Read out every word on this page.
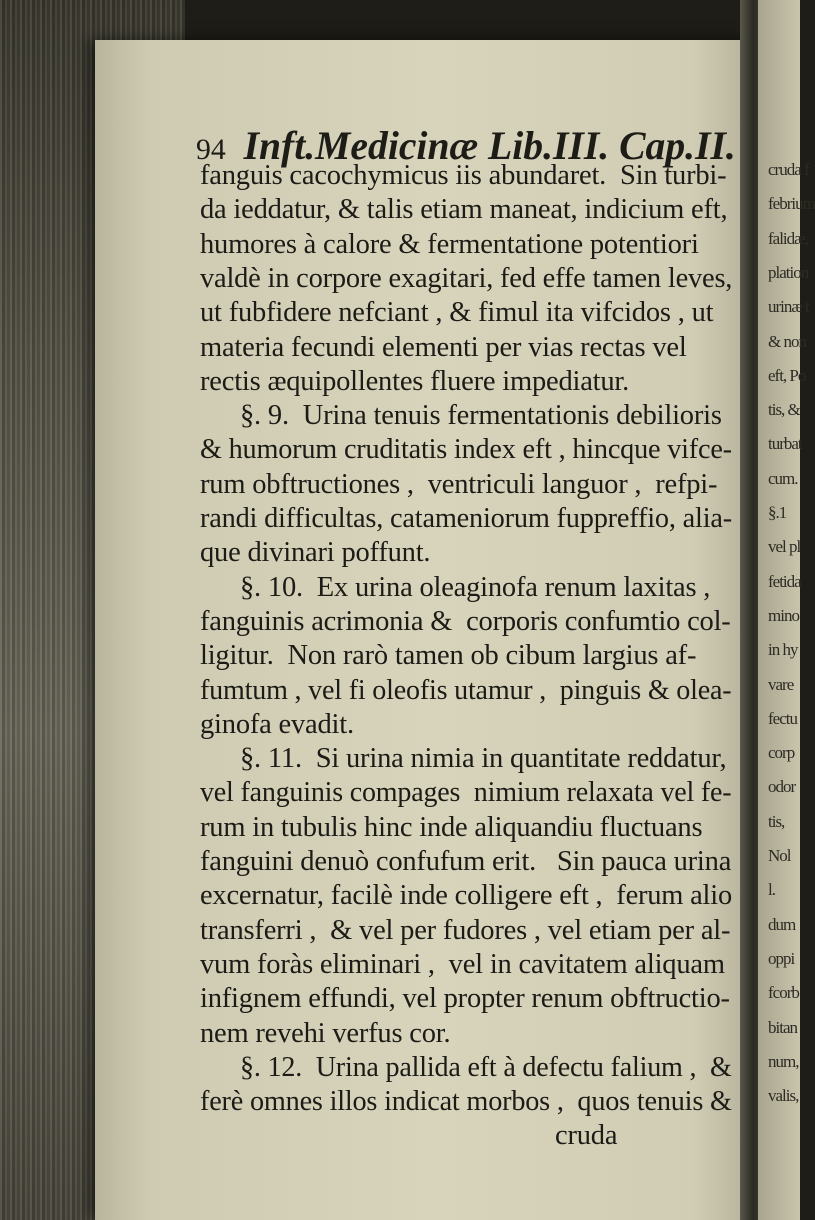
cruda f
febrium
falidæ,
plation
urinæ t
& non
eft, Po
tis, &
turbat
cum.
§.1
vel pl
fetida
mino
in hy
vare
fectu
corp
odor
tis,
Nol
l.
dum
oppi
fcorb
bitan
num,
valis,
94 Inft.Medicinæ Lib.III. Cap.II.
fanguis cacochymicus iis abundaret.  Sin turbi-
da ieddatur, & talis etiam maneat, indicium eft,
humores à calore & fermentatione potentiori
valdè in corpore exagitari, fed effe tamen leves,
ut fubfidere nefciant , & fimul ita vifcidos , ut
materia fecundi elementi per vias rectas vel
rectis æquipollentes fluere impediatur.
§. 9.  Urina tenuis fermentationis debilioris
& humorum cruditatis index eft , hincque vifce-
rum obftructiones ,  ventriculi languor ,  refpi-
randi difficultas, catameniorum fuppreffio, alia-
que divinari poffunt.
§. 10.  Ex urina oleaginofa renum laxitas ,
fanguinis acrimonia &  corporis confumtio col-
ligitur.  Non rarò tamen ob cibum largius af-
fumtum , vel fi oleofis utamur ,  pinguis & olea-
ginofa evadit.
§. 11.  Si urina nimia in quantitate reddatur,
vel fanguinis compages  nimium relaxata vel fe-
rum in tubulis hinc inde aliquandiu fluctuans
fanguini denuò confufum erit.   Sin pauca urina
excernatur, facilè inde colligere eft ,  ferum alio
transferri ,  & vel per fudores , vel etiam per al-
vum foràs eliminari ,  vel in cavitatem aliquam
infignem effundi, vel propter renum obftructio-
nem revehi verfus cor.
§. 12.  Urina pallida eft à defectu falium ,  &
ferè omnes illos indicat morbos ,  quos tenuis &
cruda
